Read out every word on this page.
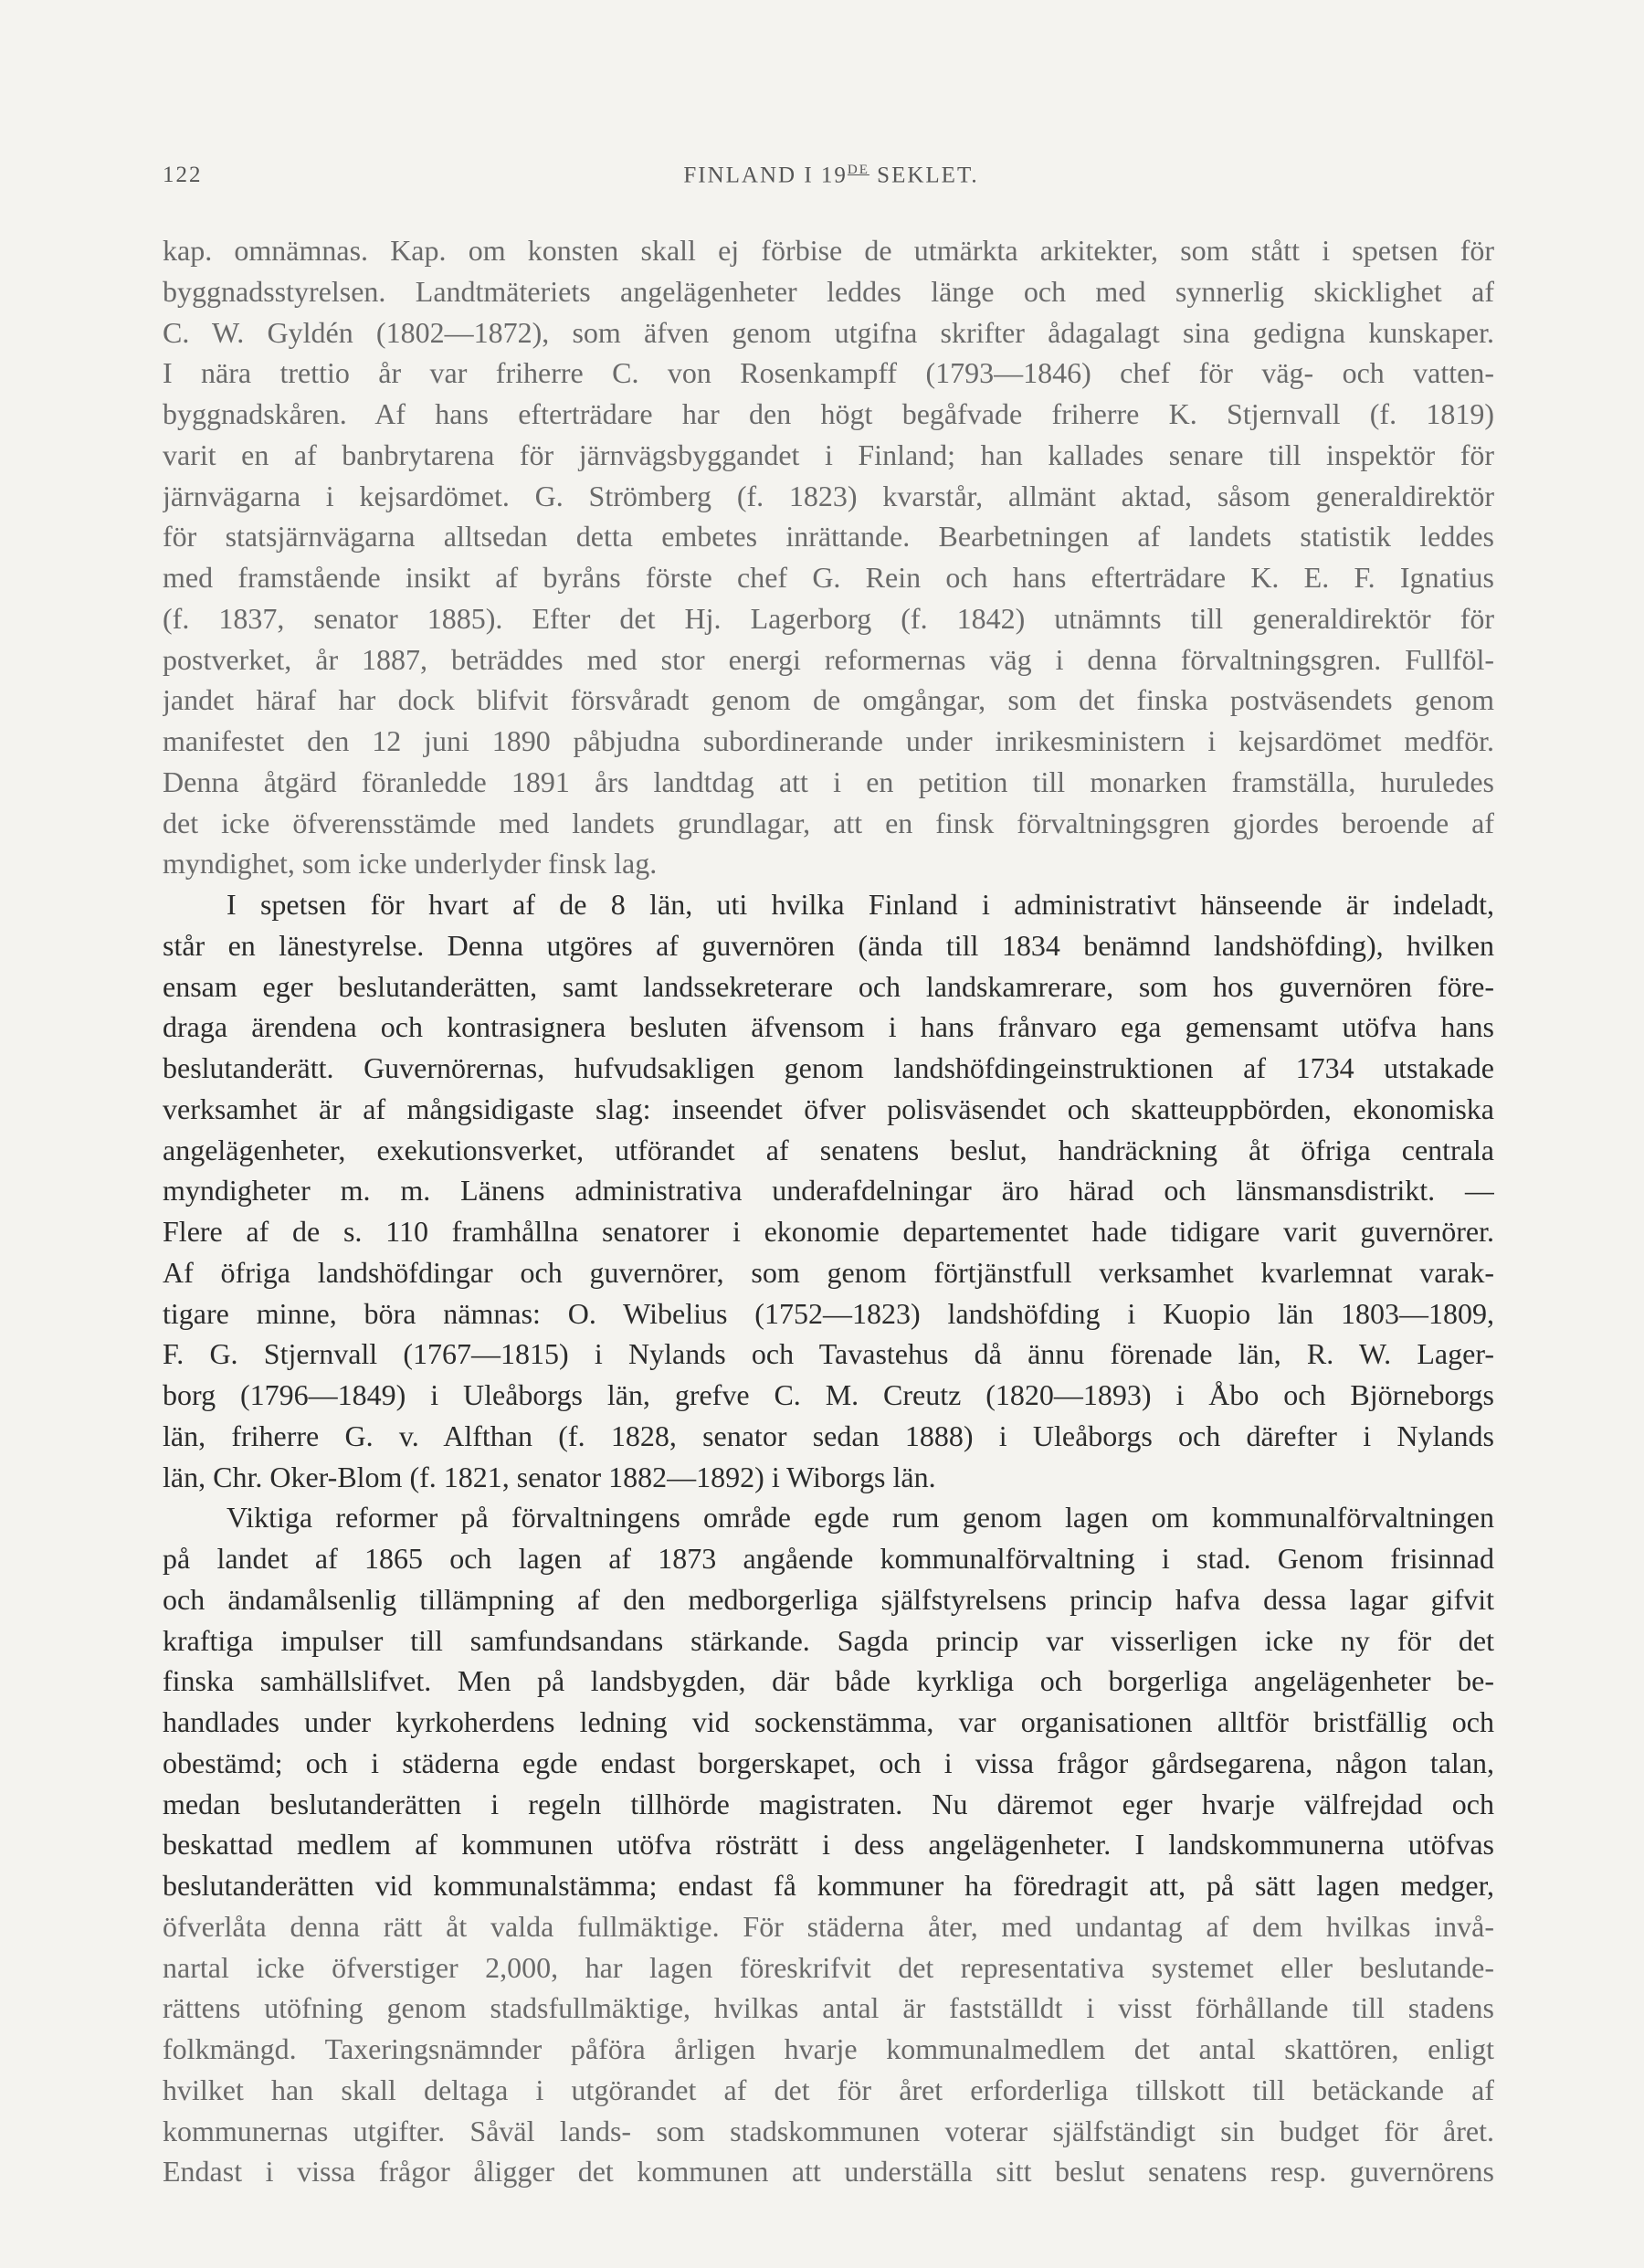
122	FINLAND I 19DE SEKLET.
kap. omnämnas. Kap. om konsten skall ej förbise de utmärkta arkitekter, som stått i spetsen för
byggnadsstyrelsen. Landtmäteriets angelägenheter leddes länge och med synnerlig skicklighet af
C. W. Gyldén (1802—1872), som äfven genom utgifna skrifter ådagalagt sina gedigna kunskaper.
I nära trettio år var friherre C. von Rosenkampff (1793—1846) chef för väg- och vatten-
byggnadskåren. Af hans efterträdare har den högt begåfvade friherre K. Stjernvall (f. 1819)
varit en af banbrytarena för järnvägsbyggandet i Finland; han kallades senare till inspektör för
järnvägarna i kejsardömet. G. Strömberg (f. 1823) kvarstår, allmänt aktad, såsom generaldirektör
för statsjärnvägarna alltsedan detta embetes inrättande. Bearbetningen af landets statistik leddes
med framstående insikt af byråns förste chef G. Rein och hans efterträdare K. E. F. Ignatius
(f. 1837, senator 1885). Efter det Hj. Lagerborg (f. 1842) utnämnts till generaldirektör för
postverket, år 1887, beträddes med stor energi reformernas väg i denna förvaltningsgren. Fullföl-
jandet häraf har dock blifvit försvåradt genom de omgångar, som det finska postväsendets genom
manifestet den 12 juni 1890 påbjudna subordinerande under inrikesministern i kejsardömet medför.
Denna åtgärd föranledde 1891 års landtdag att i en petition till monarken framställa, huruledes
det icke öfverensstämde med landets grundlagar, att en finsk förvaltningsgren gjordes beroende af
myndighet, som icke underlyder finsk lag.
I spetsen för hvart af de 8 län, uti hvilka Finland i administrativt hänseende är indeladt,
står en länestyrelse. Denna utgöres af guvernören (ända till 1834 benämnd landshöfding), hvilken
ensam eger beslutanderätten, samt landssekreterare och landskamrerare, som hos guvernören före-
draga ärendena och kontrasignera besluten äfvensom i hans frånvaro ega gemensamt utöfva hans
beslutanderätt. Guvernörernas, hufvudsakligen genom landshöfdingeinstruktionen af 1734 utstakade
verksamhet är af mångsidigaste slag: inseendet öfver polisväsendet och skatteuppbörden, ekonomiska
angelägenheter, exekutionsverket, utförandet af senatens beslut, handräckning åt öfriga centrala
myndigheter m. m. Länens administrativa underafdelningar äro härad och länsmansdistrikt. —
Flere af de s. 110 framhållna senatorer i ekonomie departementet hade tidigare varit guvernörer.
Af öfriga landshöfdingar och guvernörer, som genom förtjänstfull verksamhet kvarlemnat varak-
tigare minne, böra nämnas: O. Wibelius (1752—1823) landshöfding i Kuopio län 1803—1809,
F. G. Stjernvall (1767—1815) i Nylands och Tavastehus då ännu förenade län, R. W. Lager-
borg (1796—1849) i Uleåborgs län, grefve C. M. Creutz (1820—1893) i Åbo och Björneborgs
län, friherre G. v. Alfthan (f. 1828, senator sedan 1888) i Uleåborgs och därefter i Nylands
län, Chr. Oker-Blom (f. 1821, senator 1882—1892) i Wiborgs län.
Viktiga reformer på förvaltningens område egde rum genom lagen om kommunalförvaltningen
på landet af 1865 och lagen af 1873 angående kommunalförvaltning i stad. Genom frisinnad
och ändamålsenlig tillämpning af den medborgerliga själfstyrelsens princip hafva dessa lagar gifvit
kraftiga impulser till samfundsandans stärkande. Sagda princip var visserligen icke ny för det
finska samhällslifvet. Men på landsbygden, där både kyrkliga och borgerliga angelägenheter be-
handlades under kyrkoherdens ledning vid sockenstämma, var organisationen alltför bristfällig och
obestämd; och i städerna egde endast borgerskapet, och i vissa frågor gårdsegarena, någon talan,
medan beslutanderätten i regeln tillhörde magistraten. Nu däremot eger hvarje välfrejdad och
beskattad medlem af kommunen utöfva rösträtt i dess angelägenheter. I landskommunerna utöfvas
beslutanderätten vid kommunalstämma; endast få kommuner ha föredragit att, på sätt lagen medger,
öfverlåta denna rätt åt valda fullmäktige. För städerna åter, med undantag af dem hvilkas invå-
nartal icke öfverstiger 2,000, har lagen föreskrifvit det representativa systemet eller beslutande-
rättens utöfning genom stadsfullmäktige, hvilkas antal är fastställdt i visst förhållande till stadens
folkmängd. Taxeringsnämnder påföra årligen hvarje kommunalmedlem det antal skattören, enligt
hvilket han skall deltaga i utgörandet af det för året erforderliga tillskott till betäckande af
kommunernas utgifter. Såväl lands- som stadskommunen voterar själfständigt sin budget för året.
Endast i vissa frågor åligger det kommunen att underställa sitt beslut senatens resp. guvernörens
